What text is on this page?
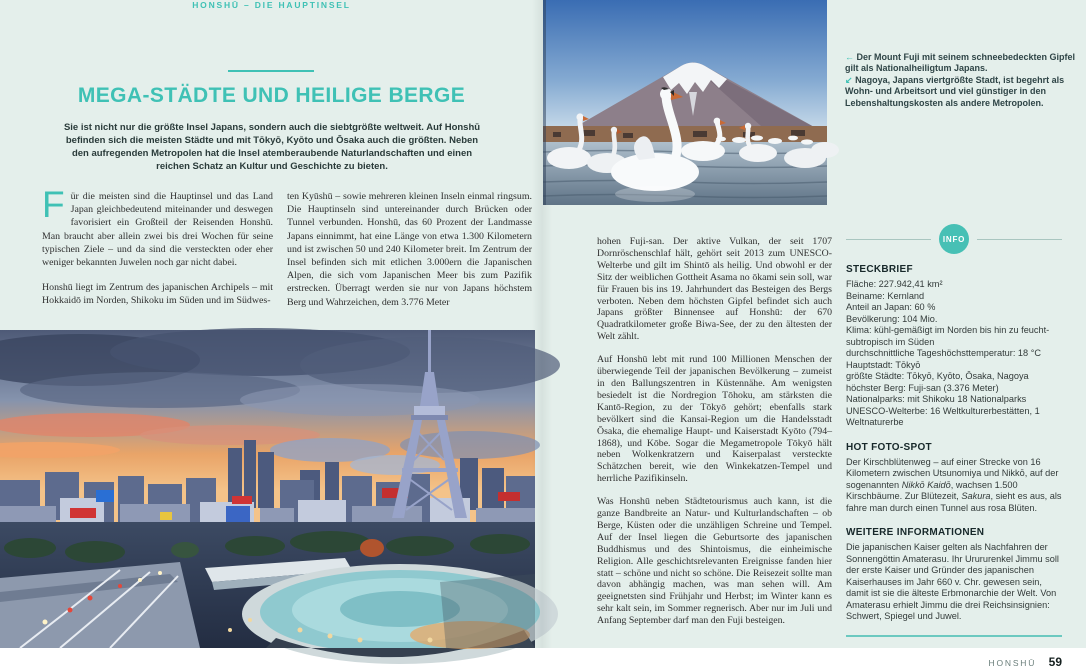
HONSHŪ – DIE HAUPTINSEL
MEGA-STÄDTE UND HEILIGE BERGE
Sie ist nicht nur die größte Insel Japans, sondern auch die siebtgrößte weltweit. Auf Honshū befinden sich die meisten Städte und mit Tōkyō, Kyōto und Ōsaka auch die größten. Neben den aufregenden Metropolen hat die Insel atemberaubende Naturlandschaften und einen reichen Schatz an Kultur und Geschichte zu bieten.

Für die meisten sind die Hauptinsel und das Land Japan gleichbedeutend miteinander und deswegen favorisiert ein Großteil der Reisenden Honshū. Man braucht aber allein zwei bis drei Wochen für seine typischen Ziele – und da sind die versteckten oder eher weniger bekannten Juwelen noch gar nicht dabei.

Honshū liegt im Zentrum des japanischen Archipels – mit Hokkaidō im Norden, Shikoku im Süden und im Südwes-

ten Kyūshū – sowie mehreren kleinen Inseln einmal ringsum. Die Hauptinseln sind untereinander durch Brücken oder Tunnel verbunden. Honshū, das 60 Prozent der Landmasse Japans einnimmt, hat eine Länge von etwa 1.300 Kilometern und ist zwischen 50 und 240 Kilometer breit. Im Zentrum der Insel befinden sich mit etlichen 3.000ern die Japanischen Alpen, die sich vom Japanischen Meer bis zum Pazifik erstrecken. Überragt werden sie nur von Japans höchstem Berg und Wahrzeichen, dem 3.776 Meter

← Der Mount Fuji mit seinem schneebedeckten Gipfel gilt als Nationalheiligtum Japans.
↙ Nagoya, Japans viertgrößte Stadt, ist begehrt als Wohn- und Arbeitsort und viel günstiger in den Lebenshaltungskosten als andere Metropolen.

hohen Fuji-san. Der aktive Vulkan, der seit 1707 Dornröschenschlaf hält, gehört seit 2013 zum UNESCO-Welterbe und gilt im Shintō als heilig. Und obwohl er der Sitz der weiblichen Gottheit Asama no ōkami sein soll, war für Frauen bis ins 19. Jahrhundert das Besteigen des Bergs verboten. Neben dem höchsten Gipfel befindet sich auch Japans größter Binnensee auf Honshū: der 670 Quadratkilometer große Biwa-See, der zu den ältesten der Welt zählt.

Auf Honshū lebt mit rund 100 Millionen Menschen der überwiegende Teil der japanischen Bevölkerung – zumeist in den Ballungszentren in Küstennähe. Am wenigsten besiedelt ist die Nordregion Tōhoku, am stärksten die Kantō-Region, zu der Tōkyō gehört; ebenfalls stark bevölkert sind die Kansai-Region um die Handelsstadt Ōsaka, die ehemalige Haupt- und Kaiserstadt Kyōto (794–1868), und Kōbe. Sogar die Megametropole Tōkyō hält neben Wolkenkratzern und Kaiserpalast versteckte Schätzchen bereit, wie den Winkekatzen-Tempel und herrliche Pazifikinseln.

Was Honshū neben Städtetourismus auch kann, ist die ganze Bandbreite an Natur- und Kulturlandschaften – ob Berge, Küsten oder die unzähligen Schreine und Tempel. Auf der Insel liegen die Geburtsorte des japanischen Buddhismus und des Shintoismus, die einheimische Religion. Alle geschichtsrelevanten Ereignisse fanden hier statt – schöne und nicht so schöne. Die Reisezeit sollte man davon abhängig machen, was man sehen will. Am geeignetsten sind Frühjahr und Herbst; im Winter kann es sehr kalt sein, im Sommer regnerisch. Aber nur im Juli und Anfang September darf man den Fuji besteigen.

INFO
STECKBRIEF
Fläche: 227.942,41 km²
Beiname: Kernland
Anteil an Japan: 60 %
Bevölkerung: 104 Mio.
Klima: kühl-gemäßigt im Norden bis hin zu feucht-subtropisch im Süden
durchschnittliche Tageshöchsttemperatur: 18 °C
Hauptstadt: Tōkyō
größte Städte: Tōkyō, Kyōto, Ōsaka, Nagoya
höchster Berg: Fuji-san (3.376 Meter)
Nationalparks: mit Shikoku 18 Nationalparks
UNESCO-Welterbe: 16 Weltkulturerbestätten, 1 Weltnaturerbe
HOT FOTO-SPOT

Der Kirschblütenweg – auf einer Strecke von 16 Kilometern zwischen Utsunomiya und Nikkō, auf der sogenannten Nikkō Kaidō, wachsen 1.500 Kirschbäume. Zur Blütezeit, Sakura, sieht es aus, als fahre man durch einen Tunnel aus rosa Blüten.

WEITERE INFORMATIONEN

Die japanischen Kaiser gelten als Nachfahren der Sonnengöttin Amaterasu. Ihr Urururenkel Jimmu soll der erste Kaiser und Gründer des japanischen Kaiserhauses im Jahr 660 v. Chr. gewesen sein, damit ist sie die älteste Erbmonarchie der Welt. Von Amaterasu erhielt Jimmu die drei Reichsinsignien: Schwert, Spiegel und Juwel.

HONSHŪ 59
